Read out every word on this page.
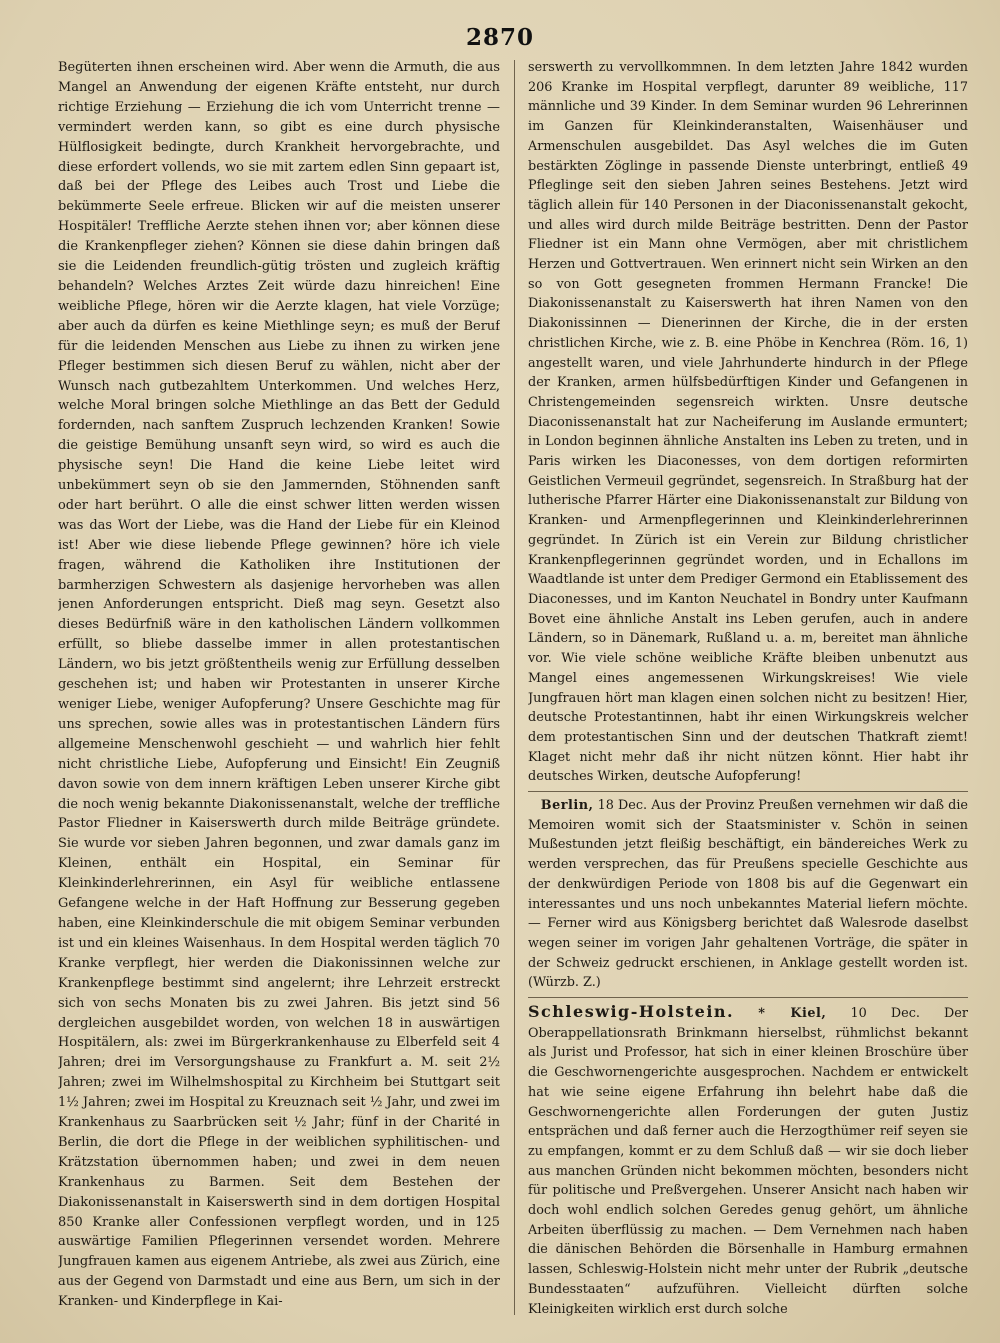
2870

Begüterten ihnen erscheinen wird. Aber wenn die Armuth, die aus Mangel an Anwendung der eigenen Kräfte entsteht, nur durch richtige Erziehung — Erziehung die ich vom Unterricht trenne — vermindert werden kann, so gibt es eine durch physische Hülflosigkeit bedingte, durch Krankheit hervorgebrachte, und diese erfordert vollends, wo sie mit zartem edlen Sinn gepaart ist, daß bei der Pflege des Leibes auch Trost und Liebe die bekümmerte Seele erfreue. Blicken wir auf die meisten unserer Hospitäler! Treffliche Aerzte stehen ihnen vor; aber können diese die Krankenpfleger ziehen? Können sie diese dahin bringen daß sie die Leidenden freundlich-gütig trösten und zugleich kräftig behandeln? Welches Arztes Zeit würde dazu hinreichen! Eine weibliche Pflege, hören wir die Aerzte klagen, hat viele Vorzüge; aber auch da dürfen es keine Miethlinge seyn; es muß der Beruf für die leidenden Menschen aus Liebe zu ihnen zu wirken jene Pfleger bestimmen sich diesen Beruf zu wählen, nicht aber der Wunsch nach gutbezahltem Unterkommen. Und welches Herz, welche Moral bringen solche Miethlinge an das Bett der Geduld fordernden, nach sanftem Zuspruch lechzenden Kranken! Sowie die geistige Bemühung unsanft seyn wird, so wird es auch die physische seyn! Die Hand die keine Liebe leitet wird unbekümmert seyn ob sie den Jammernden, Stöhnenden sanft oder hart berührt. O alle die einst schwer litten werden wissen was das Wort der Liebe, was die Hand der Liebe für ein Kleinod ist! Aber wie diese liebende Pflege gewinnen? höre ich viele fragen, während die Katholiken ihre Institutionen der barmherzigen Schwestern als dasjenige hervorheben was allen jenen Anforderungen entspricht. Dieß mag seyn. Gesetzt also dieses Bedürfniß wäre in den katholischen Ländern vollkommen erfüllt, so bliebe dasselbe immer in allen protestantischen Ländern, wo bis jetzt größtentheils wenig zur Erfüllung desselben geschehen ist; und haben wir Protestanten in unserer Kirche weniger Liebe, weniger Aufopferung? Unsere Geschichte mag für uns sprechen, sowie alles was in protestantischen Ländern fürs allgemeine Menschenwohl geschieht — und wahrlich hier fehlt nicht christliche Liebe, Aufopferung und Einsicht! Ein Zeugniß davon sowie von dem innern kräftigen Leben unserer Kirche gibt die noch wenig bekannte Diakonissenanstalt, welche der treffliche Pastor Fliedner in Kaiserswerth durch milde Beiträge gründete. Sie wurde vor sieben Jahren begonnen, und zwar damals ganz im Kleinen, enthält ein Hospital, ein Seminar für Kleinkinderlehrerinnen, ein Asyl für weibliche entlassene Gefangene welche in der Haft Hoffnung zur Besserung gegeben haben, eine Kleinkinderschule die mit obigem Seminar verbunden ist und ein kleines Waisenhaus. In dem Hospital werden täglich 70 Kranke verpflegt, hier werden die Diakonissinnen welche zur Krankenpflege bestimmt sind angelernt; ihre Lehrzeit erstreckt sich von sechs Monaten bis zu zwei Jahren. Bis jetzt sind 56 dergleichen ausgebildet worden, von welchen 18 in auswärtigen Hospitälern, als: zwei im Bürgerkrankenhause zu Elberfeld seit 4 Jahren; drei im Versorgungshause zu Frankfurt a. M. seit 2½ Jahren; zwei im Wilhelmshospital zu Kirchheim bei Stuttgart seit 1½ Jahren; zwei im Hospital zu Kreuznach seit ½ Jahr, und zwei im Krankenhaus zu Saarbrücken seit ½ Jahr; fünf in der Charité in Berlin, die dort die Pflege in der weiblichen syphilitischen- und Krätzstation übernommen haben; und zwei in dem neuen Krankenhaus zu Barmen. Seit dem Bestehen der Diakonissenanstalt in Kaiserswerth sind in dem dortigen Hospital 850 Kranke aller Confessionen verpflegt worden, und in 125 auswärtige Familien Pflegerinnen versendet worden. Mehrere Jungfrauen kamen aus eigenem Antriebe, als zwei aus Zürich, eine aus der Gegend von Darmstadt und eine aus Bern, um sich in der Kranken- und Kinderpflege in Kai-

serswerth zu vervollkommnen. In dem letzten Jahre 1842 wurden 206 Kranke im Hospital verpflegt, darunter 89 weibliche, 117 männliche und 39 Kinder. In dem Seminar wurden 96 Lehrerinnen im Ganzen für Kleinkinderanstalten, Waisenhäuser und Armenschulen ausgebildet. Das Asyl welches die im Guten bestärkten Zöglinge in passende Dienste unterbringt, entließ 49 Pfleglinge seit den sieben Jahren seines Bestehens. Jetzt wird täglich allein für 140 Personen in der Diaconissenanstalt gekocht, und alles wird durch milde Beiträge bestritten. Denn der Pastor Fliedner ist ein Mann ohne Vermögen, aber mit christlichem Herzen und Gottvertrauen. Wen erinnert nicht sein Wirken an den so von Gott gesegneten frommen Hermann Francke! Die Diakonissenanstalt zu Kaiserswerth hat ihren Namen von den Diakonissinnen — Dienerinnen der Kirche, die in der ersten christlichen Kirche, wie z. B. eine Phöbe in Kenchrea (Röm. 16, 1) angestellt waren, und viele Jahrhunderte hindurch in der Pflege der Kranken, armen hülfsbedürftigen Kinder und Gefangenen in Christengemeinden segensreich wirkten. Unsre deutsche Diaconissenanstalt hat zur Nacheiferung im Auslande ermuntert; in London beginnen ähnliche Anstalten ins Leben zu treten, und in Paris wirken les Diaconesses, von dem dortigen reformirten Geistlichen Vermeuil gegründet, segensreich. In Straßburg hat der lutherische Pfarrer Härter eine Diakonissenanstalt zur Bildung von Kranken- und Armenpflegerinnen und Kleinkinderlehrerinnen gegründet. In Zürich ist ein Verein zur Bildung christlicher Krankenpflegerinnen gegründet worden, und in Echallons im Waadtlande ist unter dem Prediger Germond ein Etablissement des Diaconesses, und im Kanton Neuchatel in Bondry unter Kaufmann Bovet eine ähnliche Anstalt ins Leben gerufen, auch in andere Ländern, so in Dänemark, Rußland u. a. m, bereitet man ähnliche vor. Wie viele schöne weibliche Kräfte bleiben unbenutzt aus Mangel eines angemessenen Wirkungskreises! Wie viele Jungfrauen hört man klagen einen solchen nicht zu besitzen! Hier, deutsche Protestantinnen, habt ihr einen Wirkungskreis welcher dem protestantischen Sinn und der deutschen Thatkraft ziemt! Klaget nicht mehr daß ihr nicht nützen könnt. Hier habt ihr deutsches Wirken, deutsche Aufopferung!

 Berlin, 18 Dec. Aus der Provinz Preußen vernehmen wir daß die Memoiren womit sich der Staatsminister v. Schön in seinen Mußestunden jetzt fleißig beschäftigt, ein bändereiches Werk zu werden versprechen, das für Preußens specielle Geschichte aus der denkwürdigen Periode von 1808 bis auf die Gegenwart ein interessantes und uns noch unbekanntes Material liefern möchte. — Ferner wird aus Königsberg berichtet daß Walesrode daselbst wegen seiner im vorigen Jahr gehaltenen Vorträge, die später in der Schweiz gedruckt erschienen, in Anklage gestellt worden ist. (Würzb. Z.)

Schleswig-Holstein. * Kiel, 10 Dec. Der Oberappellationsrath Brinkmann hierselbst, rühmlichst bekannt als Jurist und Professor, hat sich in einer kleinen Broschüre über die Geschwornengerichte ausgesprochen. Nachdem er entwickelt hat wie seine eigene Erfahrung ihn belehrt habe daß die Geschwornengerichte allen Forderungen der guten Justiz entsprächen und daß ferner auch die Herzogthümer reif seyen sie zu empfangen, kommt er zu dem Schluß daß — wir sie doch lieber aus manchen Gründen nicht bekommen möchten, besonders nicht für politische und Preßvergehen. Unserer Ansicht nach haben wir doch wohl endlich solchen Geredes genug gehört, um ähnliche Arbeiten überflüssig zu machen. — Dem Vernehmen nach haben die dänischen Behörden die Börsenhalle in Hamburg ermahnen lassen, Schleswig-Holstein nicht mehr unter der Rubrik „deutsche Bundesstaaten“ aufzuführen. Vielleicht dürften solche Kleinigkeiten wirklich erst durch solche
